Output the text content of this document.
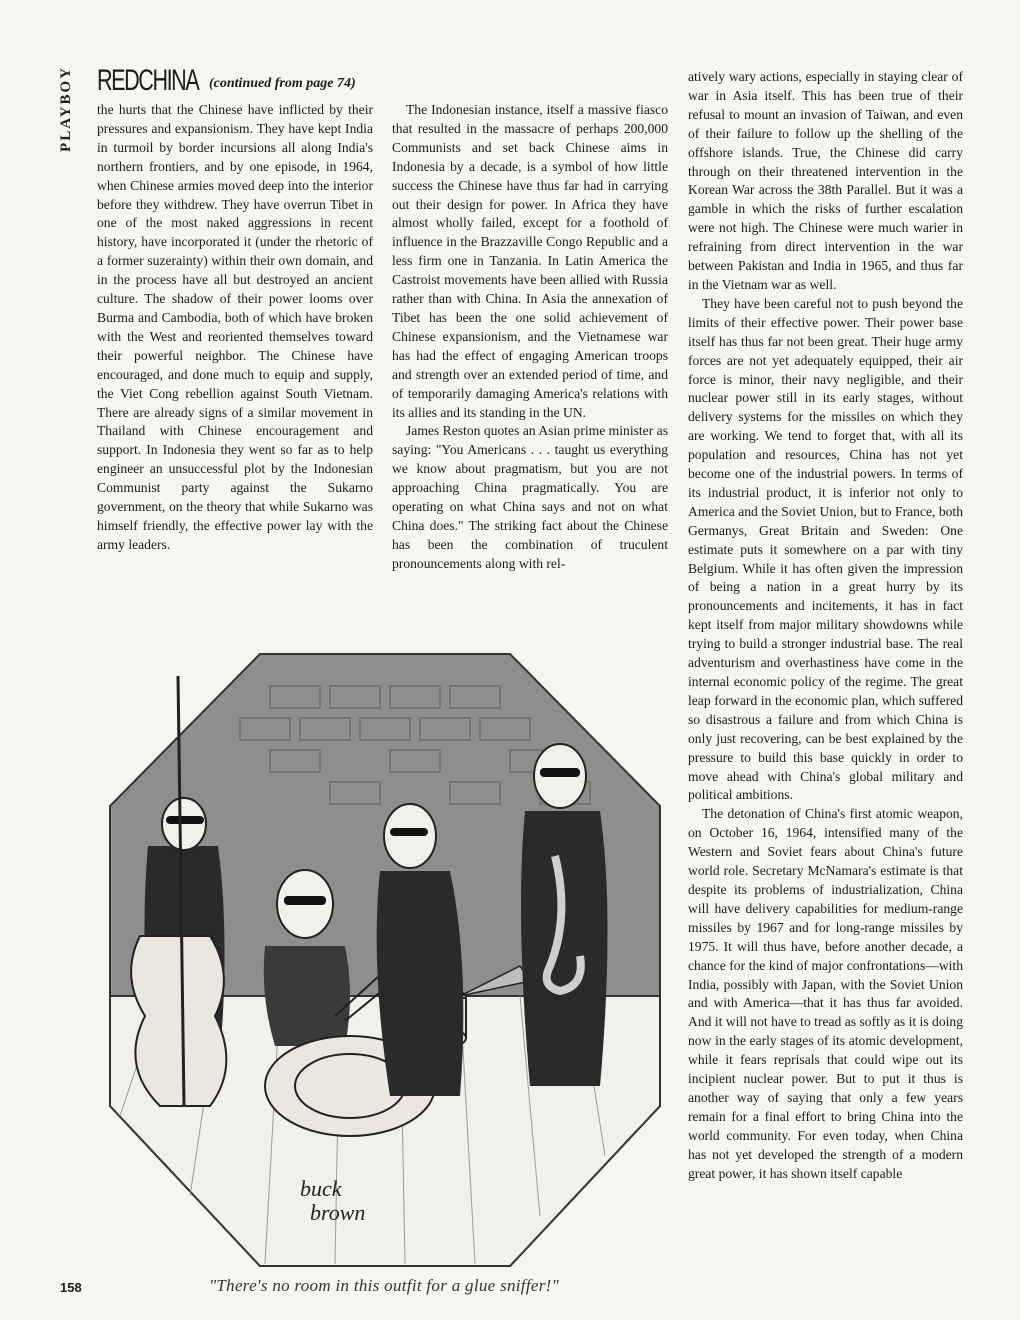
PLAYBOY REDCHINA (continued from page 74)

the hurts that the Chinese have inflicted by their pressures and expansionism. They have kept India in turmoil by border incursions all along India's northern frontiers, and by one episode, in 1964, when Chinese armies moved deep into the interior before they withdrew. They have overrun Tibet in one of the most naked aggressions in recent history, have incorporated it (under the rhetoric of a former suzerainty) within their own domain, and in the process have all but destroyed an ancient culture. The shadow of their power looms over Burma and Cambodia, both of which have broken with the West and reoriented themselves toward their powerful neighbor. The Chinese have encouraged, and done much to equip and supply, the Viet Cong rebellion against South Vietnam. There are already signs of a similar movement in Thailand with Chinese encouragement and support. In Indonesia they went so far as to help engineer an unsuccessful plot by the Indonesian Communist party against the Sukarno government, on the theory that while Sukarno was himself friendly, the effective power lay with the army leaders.

The Indonesian instance, itself a massive fiasco that resulted in the massacre of perhaps 200,000 Communists and set back Chinese aims in Indonesia by a decade, is a symbol of how little success the Chinese have thus far had in carrying out their design for power. In Africa they have almost wholly failed, except for a foothold of influence in the Brazzaville Congo Republic and a less firm one in Tanzania. In Latin America the Castroist movements have been allied with Russia rather than with China. In Asia the annexation of Tibet has been the one solid achievement of Chinese expansionism, and the Vietnamese war has had the effect of engaging American troops and strength over an extended period of time, and of temporarily damaging America's relations with its allies and its standing in the UN.

James Reston quotes an Asian prime minister as saying: "You Americans . . . taught us everything we know about pragmatism, but you are not approaching China pragmatically. You are operating on what China says and not on what China does." The striking fact about the Chinese has been the combination of truculent pronouncements along with rel-

atively wary actions, especially in staying clear of war in Asia itself. This has been true of their refusal to mount an invasion of Taiwan, and even of their failure to follow up the shelling of the offshore islands. True, the Chinese did carry through on their threatened intervention in the Korean War across the 38th Parallel. But it was a gamble in which the risks of further escalation were not high. The Chinese were much warier in refraining from direct intervention in the war between Pakistan and India in 1965, and thus far in the Vietnam war as well.

They have been careful not to push beyond the limits of their effective power. Their power base itself has thus far not been great. Their huge army forces are not yet adequately equipped, their air force is minor, their navy negligible, and their nuclear power still in its early stages, without delivery systems for the missiles on which they are working. We tend to forget that, with all its population and resources, China has not yet become one of the industrial powers. In terms of its industrial product, it is inferior not only to America and the Soviet Union, but to France, both Germanys, Great Britain and Sweden: One estimate puts it somewhere on a par with tiny Belgium. While it has often given the impression of being a nation in a great hurry by its pronouncements and incitements, it has in fact kept itself from major military showdowns while trying to build a stronger industrial base. The real adventurism and overhastiness have come in the internal economic policy of the regime. The great leap forward in the economic plan, which suffered so disastrous a failure and from which China is only just recovering, can be best explained by the pressure to build this base quickly in order to move ahead with China's global military and political ambitions.

The detonation of China's first atomic weapon, on October 16, 1964, intensified many of the Western and Soviet fears about China's future world role. Secretary McNamara's estimate is that despite its problems of industrialization, China will have delivery capabilities for medium-range missiles by 1967 and for long-range missiles by 1975. It will thus have, before another decade, a chance for the kind of major confrontations—with India, possibly with Japan, with the Soviet Union and with America—that it has thus far avoided. And it will not have to tread as softly as it is doing now in the early stages of its atomic development, while it fears reprisals that could wipe out its incipient nuclear power. But to put it thus is another way of saying that only a few years remain for a final effort to bring China into the world community. For even today, when China has not yet developed the strength of a modern great power, it has shown itself capable

buck
brown
"There's no room in this outfit for a glue sniffer!"
158
